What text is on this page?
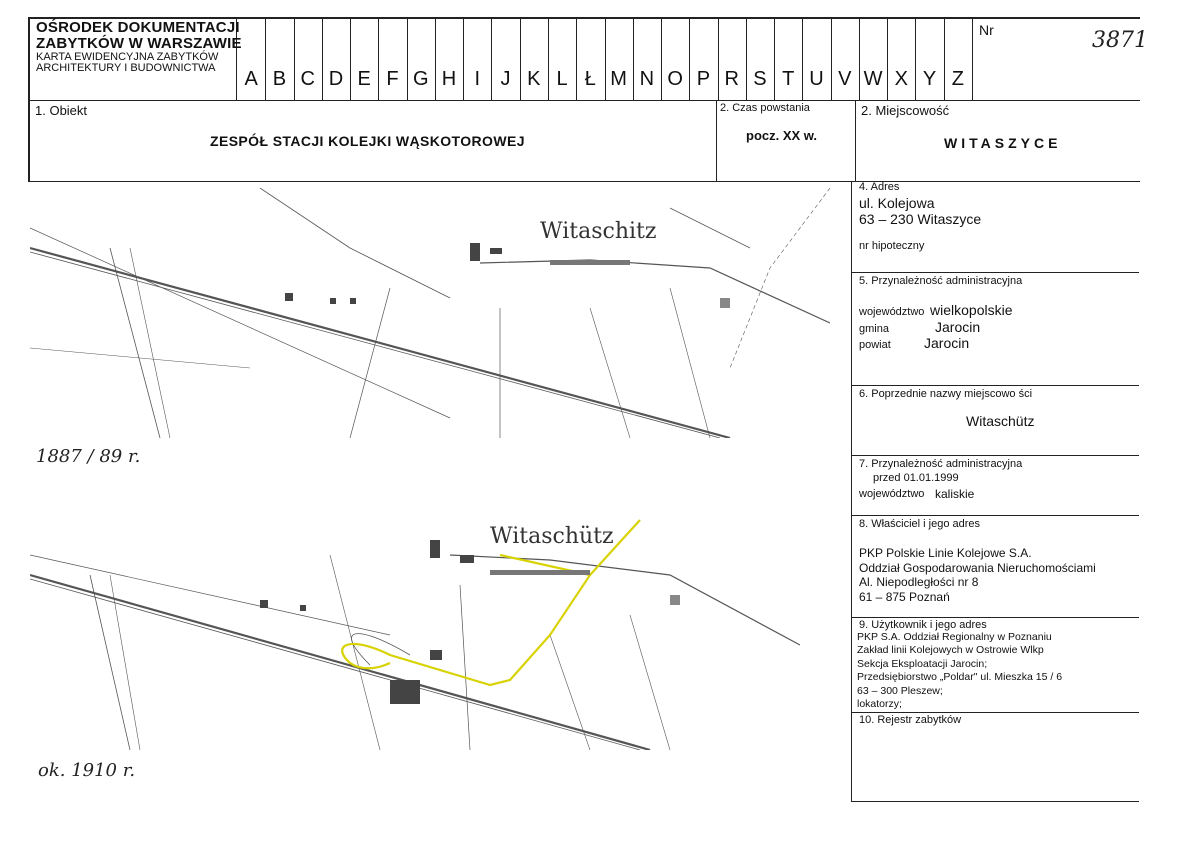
OŚRODEK DOKUMENTACJI
ZABYTKÓW W WARSZAWIE
KARTA EWIDENCYJNA ZABYTKÓW
ARCHITEKTURY I BUDOWNICTWA	A B C D E F G H I	J K L Ł M N O P R S T U V W X Y Z
Nr	3871
1. Obiekt
ZESPÓŁ STACJI KOLEJKI WĄSKOTOROWEJ
2. Czas powstania
pocz. XX w.
2. Miejscowość
WITASZYCE
4. Adres
ul. Kolejowa
63 – 230 Witaszyce
nr hipoteczny
5. Przynależność administracyjna
województwo wielkopolskie
gmina	Jarocin
powiat Jarocin
6. Poprzednie nazwy miejscowo ści
Witaschütz
7. Przynależność administracyjna
przed 01.01.1999
województwo kaliskie
8. Właściciel i jego adres
PKP Polskie Linie Kolejowe S.A.
Oddział Gospodarowania Nieruchomościami
Al. Niepodległości nr 8
61 – 875 Poznań
9. Użytkownik i jego adres
PKP S.A. Oddział Regionalny w Poznaniu
Zakład linii Kolejowych w Ostrowie Wlkp
Sekcja Eksploatacji Jarocin;
Przedsiębiorstwo „Poldar" ul. Mieszka 15 / 6
63 – 300 Pleszew;
lokatorzy;
10. Rejestr zabytków
Witaschitz
1887 / 89 r.
Witaschütz
ok. 1910 r.
